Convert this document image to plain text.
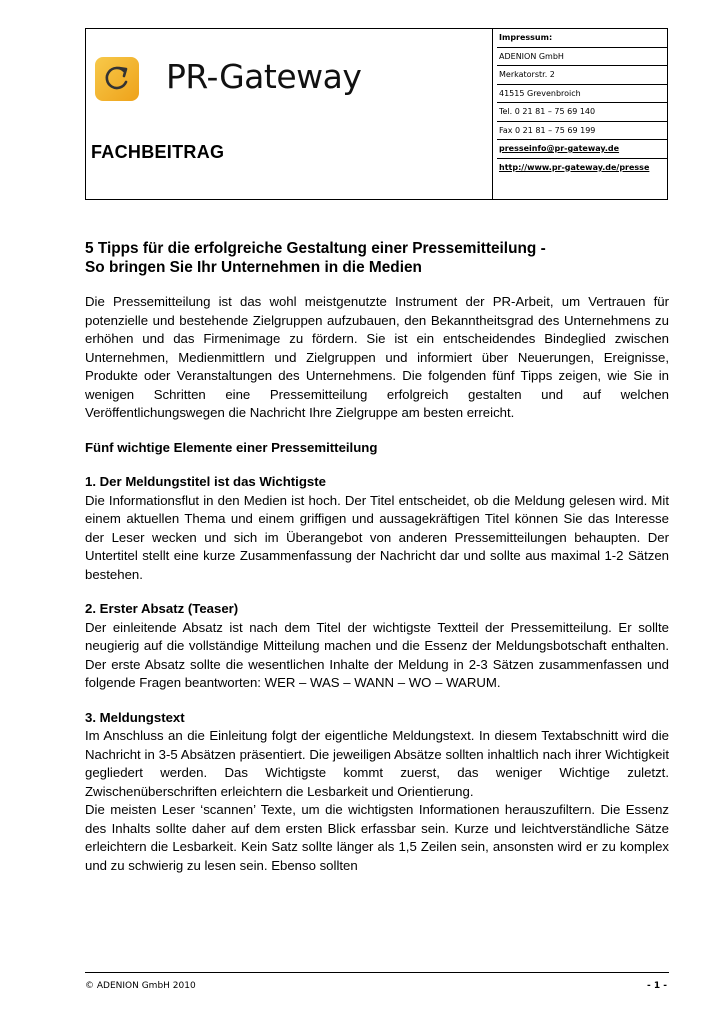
PR-Gateway
FACHBEITRAG
Impressum:
ADENION GmbH
Merkatorstr. 2
41515 Grevenbroich
Tel. 0 21 81 – 75 69 140
Fax 0 21 81 – 75 69 199
presseinfo@pr-gateway.de
http://www.pr-gateway.de/presse
5 Tipps für die erfolgreiche Gestaltung einer Pressemitteilung -
So bringen Sie Ihr Unternehmen in die Medien

Die Pressemitteilung ist das wohl meistgenutzte Instrument der PR-Arbeit, um Vertrauen für potenzielle und bestehende Zielgruppen aufzubauen, den Bekanntheitsgrad des Unternehmens zu erhöhen und das Firmenimage zu fördern. Sie ist ein entscheidendes Bindeglied zwischen Unternehmen, Medienmittlern und Zielgruppen und informiert über Neuerungen, Ereignisse, Produkte oder Veranstaltungen des Unternehmens. Die folgenden fünf Tipps zeigen, wie Sie in wenigen Schritten eine Pressemitteilung erfolgreich gestalten und auf welchen Veröffentlichungswegen die Nachricht Ihre Zielgruppe am besten erreicht.

Fünf wichtige Elemente einer Pressemitteilung

1. Der Meldungstitel ist das Wichtigste

Die Informationsflut in den Medien ist hoch. Der Titel entscheidet, ob die Meldung gelesen wird. Mit einem aktuellen Thema und einem griffigen und aussagekräftigen Titel können Sie das Interesse der Leser wecken und sich im Überangebot von anderen Pressemitteilungen behaupten. Der Untertitel stellt eine kurze Zusammenfassung der Nachricht dar und sollte aus maximal 1-2 Sätzen bestehen.

2. Erster Absatz (Teaser)

Der einleitende Absatz ist nach dem Titel der wichtigste Textteil der Pressemitteilung. Er sollte neugierig auf die vollständige Mitteilung machen und die Essenz der Meldungsbotschaft enthalten. Der erste Absatz sollte die wesentlichen Inhalte der Meldung in 2-3 Sätzen zusammenfassen und folgende Fragen beantworten: WER – WAS – WANN – WO – WARUM.

3. Meldungstext

Im Anschluss an die Einleitung folgt der eigentliche Meldungstext. In diesem Textabschnitt wird die Nachricht in 3-5 Absätzen präsentiert. Die jeweiligen Absätze sollten inhaltlich nach ihrer Wichtigkeit gegliedert werden. Das Wichtigste kommt zuerst, das weniger Wichtige zuletzt. Zwischenüberschriften erleichtern die Lesbarkeit und Orientierung.

Die meisten Leser ‘scannen’ Texte, um die wichtigsten Informationen herauszufiltern. Die Essenz des Inhalts sollte daher auf dem ersten Blick erfassbar sein. Kurze und leichtverständliche Sätze erleichtern die Lesbarkeit. Kein Satz sollte länger als 1,5 Zeilen sein, ansonsten wird er zu komplex und zu schwierig zu lesen sein. Ebenso sollten

© ADENION GmbH 2010	- 1 -
